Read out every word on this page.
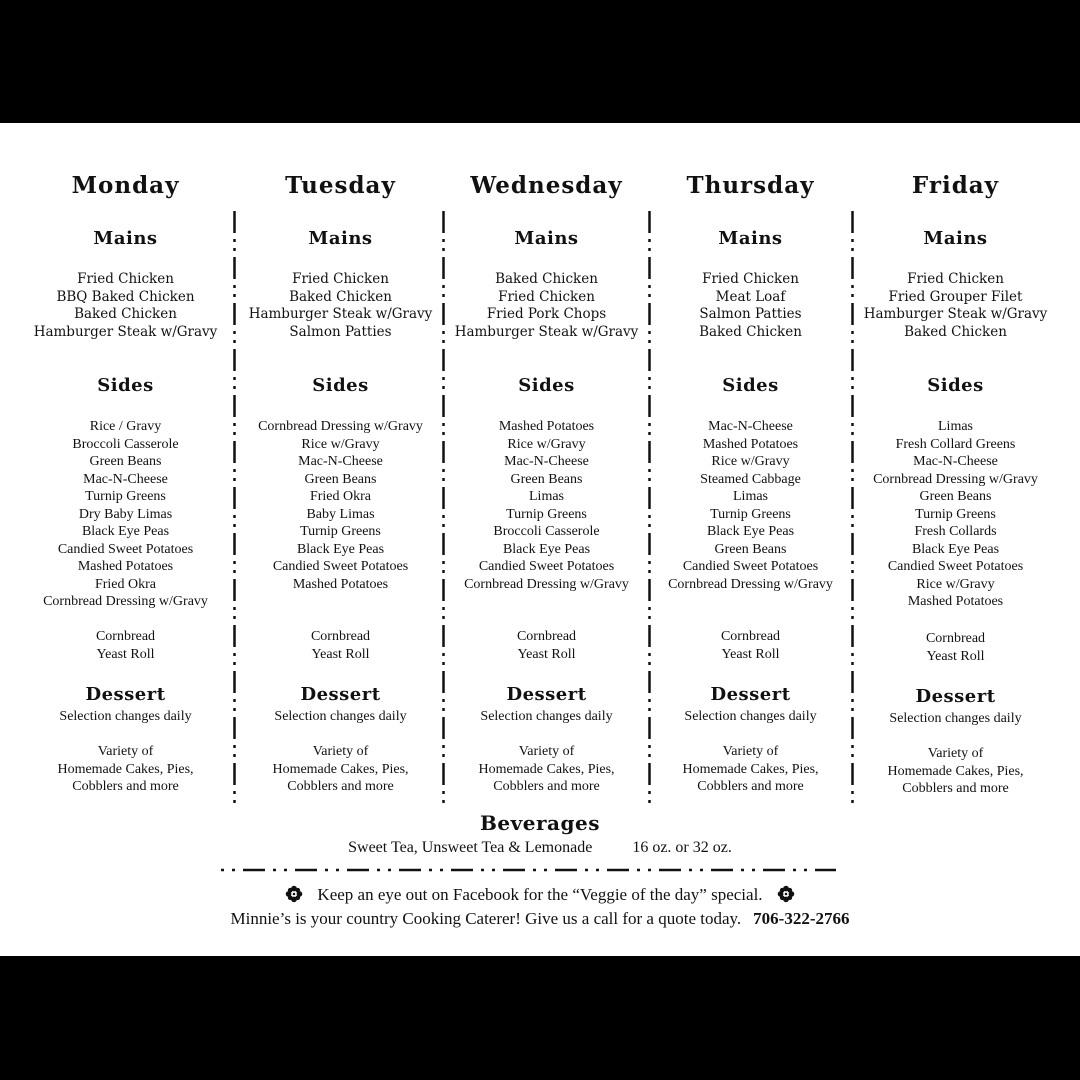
Monday
Mains
Fried Chicken
BBQ Baked Chicken
Baked Chicken
Hamburger Steak w/Gravy
Sides
Rice / Gravy
Broccoli Casserole
Green Beans
Mac-N-Cheese
Turnip Greens
Dry Baby Limas
Black Eye Peas
Candied Sweet Potatoes
Mashed Potatoes
Fried Okra
Cornbread Dressing w/Gravy
Cornbread
Yeast Roll
Dessert
Selection changes daily
Variety of
Homemade Cakes, Pies,
Cobblers and more
Tuesday
Mains
Fried Chicken
Baked Chicken
Hamburger Steak w/Gravy
Salmon Patties
Sides
Cornbread Dressing w/Gravy
Rice w/Gravy
Mac-N-Cheese
Green Beans
Fried Okra
Baby Limas
Turnip Greens
Black Eye Peas
Candied Sweet Potatoes
Mashed Potatoes
Cornbread
Yeast Roll
Dessert
Selection changes daily
Variety of
Homemade Cakes, Pies,
Cobblers and more
Wednesday
Mains
Baked Chicken
Fried Chicken
Fried Pork Chops
Hamburger Steak w/Gravy
Sides
Mashed Potatoes
Rice w/Gravy
Mac-N-Cheese
Green Beans
Limas
Turnip Greens
Broccoli Casserole
Black Eye Peas
Candied Sweet Potatoes
Cornbread Dressing w/Gravy
Cornbread
Yeast Roll
Dessert
Selection changes daily
Variety of
Homemade Cakes, Pies,
Cobblers and more
Thursday
Mains
Fried Chicken
Meat Loaf
Salmon Patties
Baked Chicken
Sides
Mac-N-Cheese
Mashed Potatoes
Rice w/Gravy
Steamed Cabbage
Limas
Turnip Greens
Black Eye Peas
Green Beans
Candied Sweet Potatoes
Cornbread Dressing w/Gravy
Cornbread
Yeast Roll
Dessert
Selection changes daily
Variety of
Homemade Cakes, Pies,
Cobblers and more
Friday
Mains
Fried Chicken
Fried Grouper Filet
Hamburger Steak w/Gravy
Baked Chicken
Sides
Limas
Fresh Collard Greens
Mac-N-Cheese
Cornbread Dressing w/Gravy
Green Beans
Turnip Greens
Fresh Collards
Black Eye Peas
Candied Sweet Potatoes
Rice w/Gravy
Mashed Potatoes
Cornbread
Yeast Roll
Dessert
Selection changes daily
Variety of
Homemade Cakes, Pies,
Cobblers and more
Beverages
Sweet Tea, Unsweet Tea & Lemonade	16 oz. or 32 oz.
Keep an eye out on Facebook for the “Veggie of the day” special.
Minnie’s is your country Cooking Caterer! Give us a call for a quote today. 706-322-2766
